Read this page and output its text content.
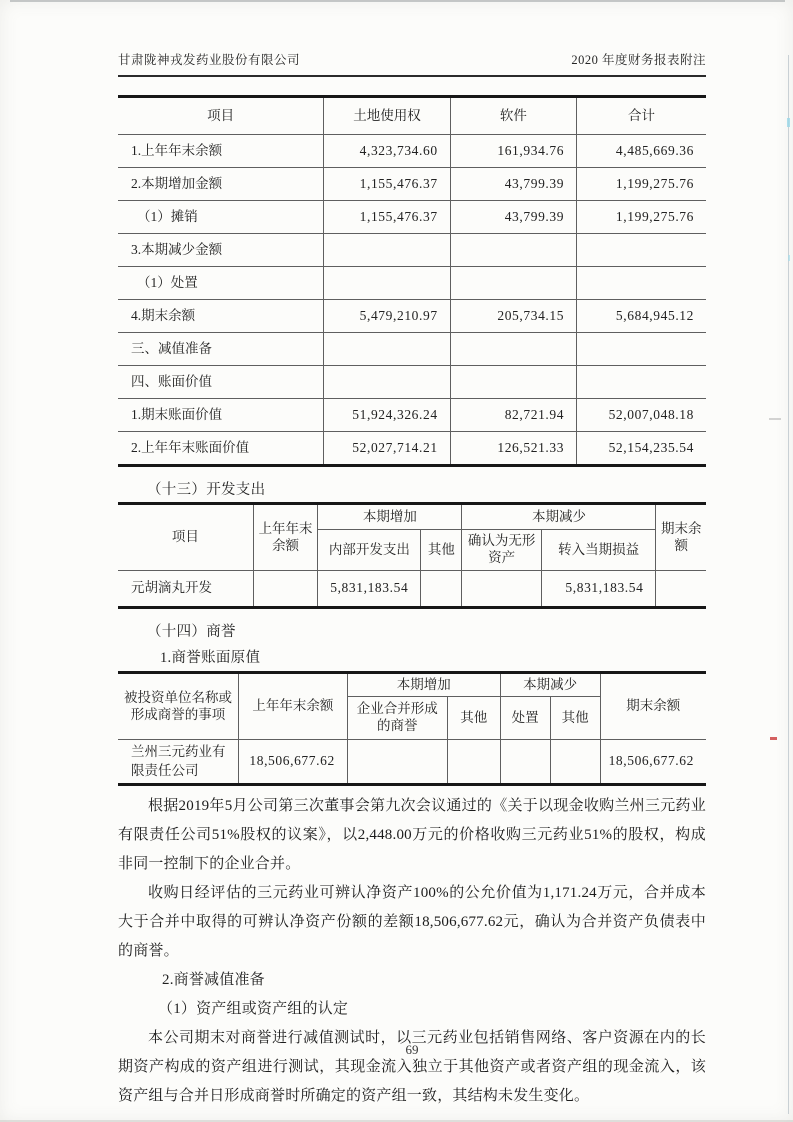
甘肃陇神戎发药业股份有限公司	2020 年度财务报表附注
项目	土地使用权	软件	合计
1.上年年末余额	4,323,734.60	161,934.76	4,485,669.36
2.本期增加金额	1,155,476.37	43,799.39	1,199,275.76
（1）摊销	1,155,476.37	43,799.39	1,199,275.76
3.本期减少金额			
（1）处置			
4.期末余额	5,479,210.97	205,734.15	5,684,945.12
三、减值准备			
四、账面价值			
1.期末账面价值	51,924,326.24	82,721.94	52,007,048.18
2.上年年末账面价值	52,027,714.21	126,521.33	52,154,235.54
（十三）开发支出
项目	上年年末余额	本期增加		本期减少		期末余额
		内部开发支出	其他	确认为无形资产	转入当期损益	
元胡滴丸开发		5,831,183.54			5,831,183.54	
（十四）商誉
1.商誉账面原值
被投资单位名称或形成商誉的事项	上年年末余额	本期增加		本期减少		期末余额
		企业合并形成的商誉	其他	处置	其他	
兰州三元药业有限责任公司	18,506,677.62					18,506,677.62

根据2019年5月公司第三次董事会第九次会议通过的《关于以现金收购兰州三元药业有限责任公司51%股权的议案》，以2,448.00万元的价格收购三元药业51%的股权，构成非同一控制下的企业合并。

收购日经评估的三元药业可辨认净资产100%的公允价值为1,171.24万元，合并成本大于合并中取得的可辨认净资产份额的差额18,506,677.62元，确认为合并资产负债表中的商誉。

2.商誉减值准备
（1）资产组或资产组的认定

本公司期末对商誉进行减值测试时，以三元药业包括销售网络、客户资源在内的长期资产构成的资产组进行测试，其现金流入独立于其他资产或者资产组的现金流入，该资产组与合并日形成商誉时所确定的资产组一致，其结构未发生变化。

69
